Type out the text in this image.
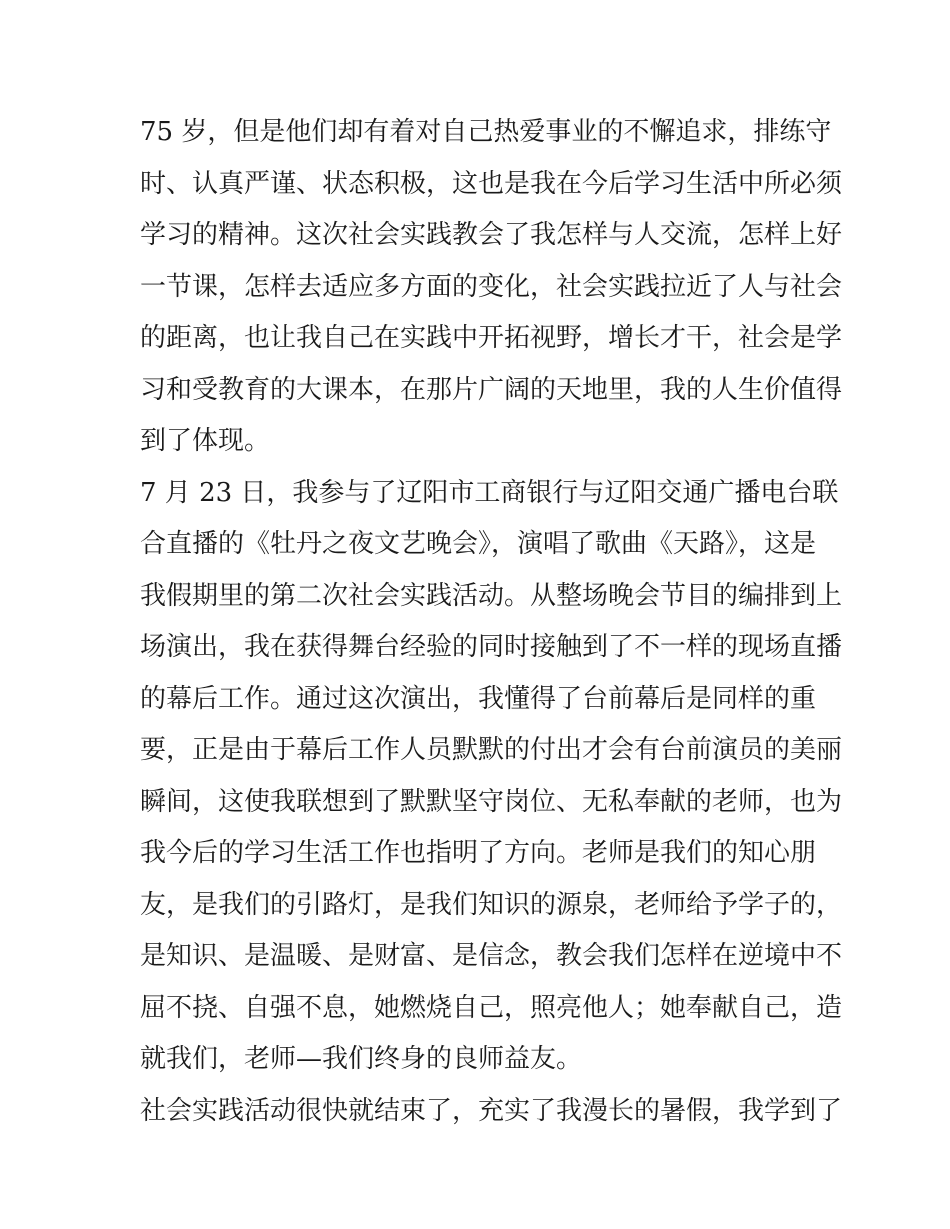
75 岁，但是他们却有着对自己热爱事业的不懈追求，排练守
时、认真严谨、状态积极，这也是我在今后学习生活中所必须
学习的精神。这次社会实践教会了我怎样与人交流，怎样上好
一节课，怎样去适应多方面的变化，社会实践拉近了人与社会
的距离，也让我自己在实践中开拓视野，增长才干，社会是学
习和受教育的大课本，在那片广阔的天地里，我的人生价值得
到了体现。
7 月 23 日，我参与了辽阳市工商银行与辽阳交通广播电台联
合直播的《牡丹之夜文艺晚会》，演唱了歌曲《天路》，这是
我假期里的第二次社会实践活动。从整场晚会节目的编排到上
场演出，我在获得舞台经验的同时接触到了不一样的现场直播
的幕后工作。通过这次演出，我懂得了台前幕后是同样的重
要，正是由于幕后工作人员默默的付出才会有台前演员的美丽
瞬间，这使我联想到了默默坚守岗位、无私奉献的老师，也为
我今后的学习生活工作也指明了方向。老师是我们的知心朋
友，是我们的引路灯，是我们知识的源泉，老师给予学子的，
是知识、是温暖、是财富、是信念，教会我们怎样在逆境中不
屈不挠、自强不息，她燃烧自己，照亮他人；她奉献自己，造
就我们，老师—我们终身的良师益友。
社会实践活动很快就结束了，充实了我漫长的暑假，我学到了
